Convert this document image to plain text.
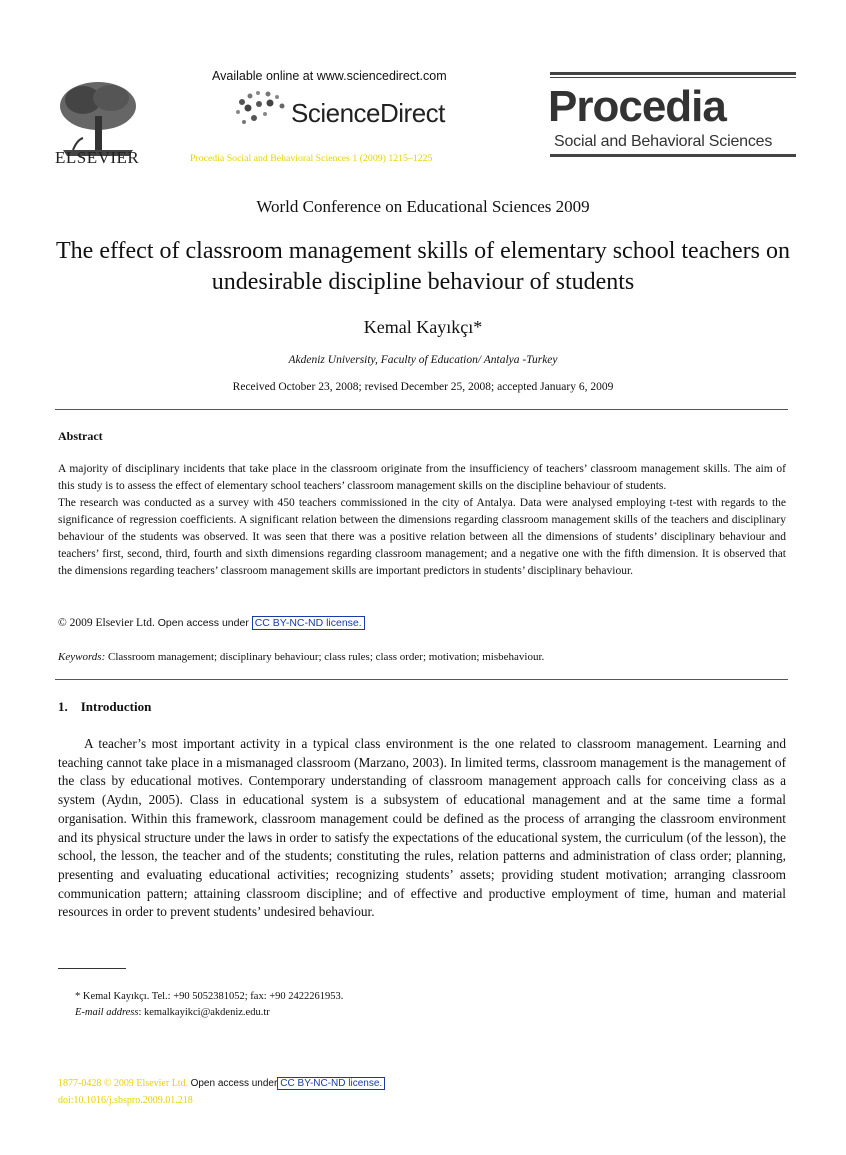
ELSEVIER
Available online at www.sciencedirect.com
ScienceDirect
Procedia Social and Behavioral Sciences 1 (2009) 1215–1225
Procedia
Social and Behavioral Sciences
World Conference on Educational Sciences 2009
The effect of classroom management skills of elementary school teachers on undesirable discipline behaviour of students
Kemal Kayıkçı*
Akdeniz University, Faculty of Education/ Antalya -Turkey
Received October 23, 2008; revised December 25, 2008; accepted January 6, 2009
Abstract

A majority of disciplinary incidents that take place in the classroom originate from the insufficiency of teachers’ classroom management skills. The aim of this study is to assess the effect of elementary school teachers’ classroom management skills on the discipline behaviour of students.

The research was conducted as a survey with 450 teachers commissioned in the city of Antalya. Data were analysed employing t-test with regards to the significance of regression coefficients. A significant relation between the dimensions regarding classroom management skills of the teachers and disciplinary behaviour of the students was observed. It was seen that there was a positive relation between all the dimensions of students’ disciplinary behaviour and teachers’ first, second, third, fourth and sixth dimensions regarding classroom management; and a negative one with the fifth dimension. It is observed that the dimensions regarding teachers’ classroom management skills are important predictors in students’ disciplinary behaviour.

© 2009 Elsevier Ltd. Open access under CC BY-NC-ND license.
Keywords: Classroom management; disciplinary behaviour; class rules; class order; motivation; misbehaviour.
1.    Introduction
A teacher’s most important activity in a typical class environment is the one related to classroom management. Learning and teaching cannot take place in a mismanaged classroom (Marzano, 2003). In limited terms, classroom management is the management of the class by educational motives. Contemporary understanding of classroom management approach calls for conceiving class as a system (Aydın, 2005). Class in educational system is a subsystem of educational management and at the same time a formal organisation. Within this framework, classroom management could be defined as the process of arranging the classroom environment and its physical structure under the laws in order to satisfy the expectations of the educational system, the curriculum (of the lesson), the school, the lesson, the teacher and of the students; constituting the rules, relation patterns and administration of class order; planning, presenting and evaluating educational activities; recognizing students’ assets; providing student motivation; arranging classroom communication pattern; attaining classroom discipline; and of effective and productive employment of time, human and material resources in order to prevent students’ undesired behaviour.
* Kemal Kayıkçı. Tel.: +90 5052381052; fax: +90 2422261953.
E-mail address: kemalkayikci@akdeniz.edu.tr
1877-0428 © 2009 Elsevier Ltd. Open access under CC BY-NC-ND license.
doi:10.1016/j.sbspro.2009.01.218
